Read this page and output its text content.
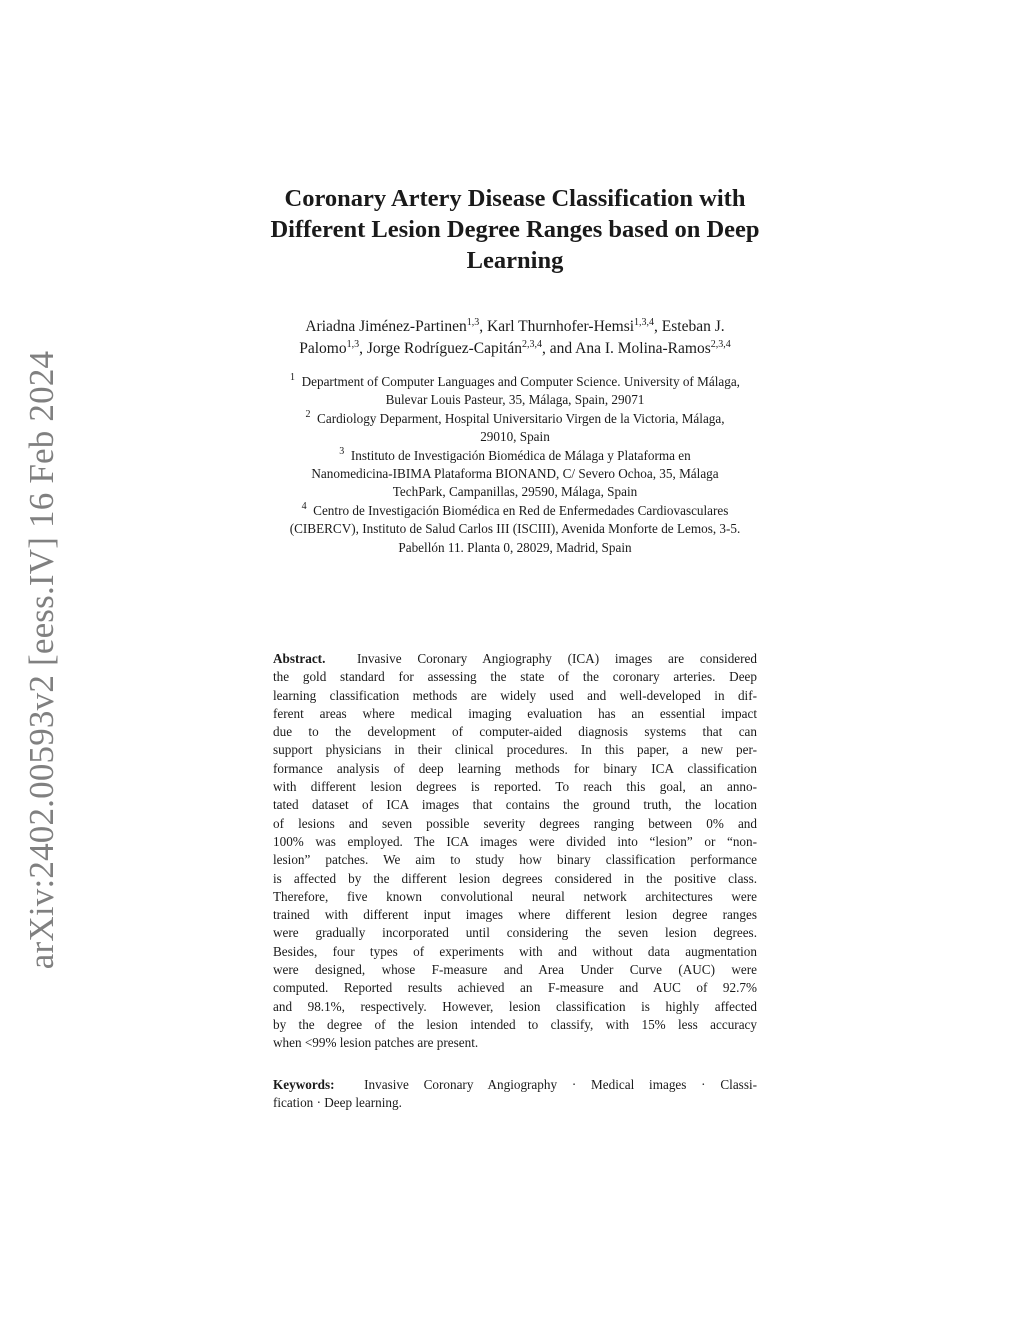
arXiv:2402.00593v2 [eess.IV] 16 Feb 2024
Coronary Artery Disease Classification with
Different Lesion Degree Ranges based on Deep
Learning
Ariadna Jiménez-Partinen$^{1,3}$, Karl Thurnhofer-Hemsi$^{1,3,4}$, Esteban J.
Palomo$^{1,3}$, Jorge Rodríguez-Capitán$^{2,3,4}$, and Ana I. Molina-Ramos$^{2,3,4}$
$^1$ Department of Computer Languages and Computer Science. University of Málaga,
Bulevar Louis Pasteur, 35, Málaga, Spain, 29071
$^2$ Cardiology Deparment, Hospital Universitario Virgen de la Victoria, Málaga,
29010, Spain
$^3$ Instituto de Investigación Biomédica de Málaga y Plataforma en
Nanomedicina-IBIMA Plataforma BIONAND, C/ Severo Ochoa, 35, Málaga
TechPark, Campanillas, 29590, Málaga, Spain
$^4$ Centro de Investigación Biomédica en Red de Enfermedades Cardiovasculares
(CIBERCV), Instituto de Salud Carlos III (ISCIII), Avenida Monforte de Lemos, 3-5.
Pabellón 11. Planta 0, 28029, Madrid, Spain
Abstract. Invasive Coronary Angiography (ICA) images are considered
the gold standard for assessing the state of the coronary arteries. Deep
learning classification methods are widely used and well-developed in dif-
ferent areas where medical imaging evaluation has an essential impact
due to the development of computer-aided diagnosis systems that can
support physicians in their clinical procedures. In this paper, a new per-
formance analysis of deep learning methods for binary ICA classification
with different lesion degrees is reported. To reach this goal, an anno-
tated dataset of ICA images that contains the ground truth, the location
of lesions and seven possible severity degrees ranging between 0% and
100% was employed. The ICA images were divided into “lesion” or “non-
lesion” patches. We aim to study how binary classification performance
is affected by the different lesion degrees considered in the positive class.
Therefore, five known convolutional neural network architectures were
trained with different input images where different lesion degree ranges
were gradually incorporated until considering the seven lesion degrees.
Besides, four types of experiments with and without data augmentation
were designed, whose F-measure and Area Under Curve (AUC) were
computed. Reported results achieved an F-measure and AUC of 92.7%
and 98.1%, respectively. However, lesion classification is highly affected
by the degree of the lesion intended to classify, with 15% less accuracy
when <99% lesion patches are present.
Keywords: Invasive Coronary Angiography · Medical images · Classi-
fication · Deep learning.
